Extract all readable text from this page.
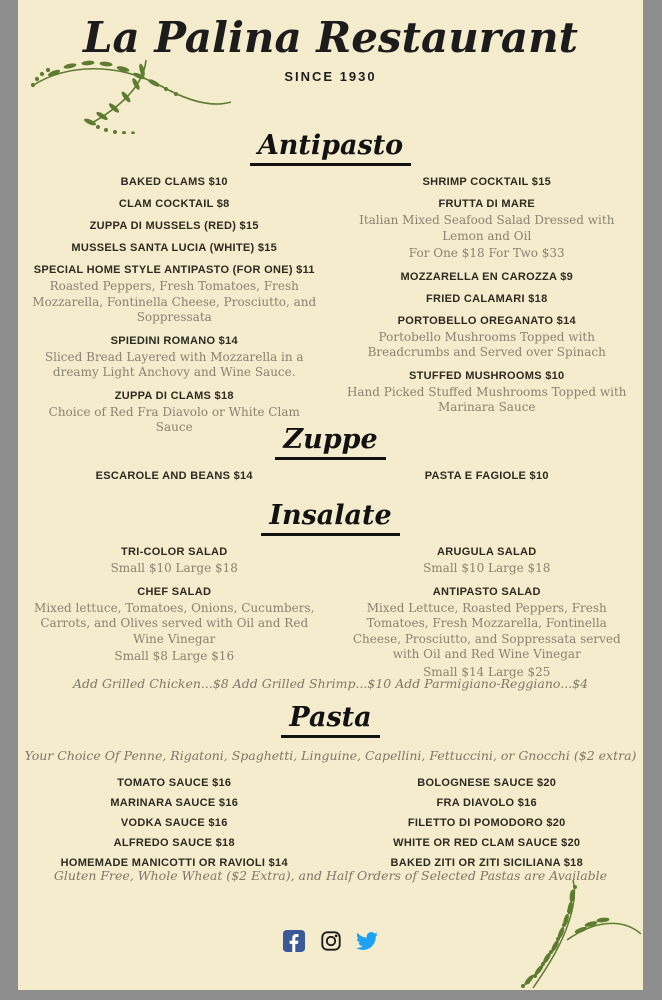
La Palina Restaurant
SINCE 1930
Antipasto
BAKED CLAMS $10
CLAM COCKTAIL $8
ZUPPA DI MUSSELS (RED) $15
MUSSELS SANTA LUCIA (WHITE) $15
SPECIAL HOME STYLE ANTIPASTO (FOR ONE) $11
Roasted Peppers, Fresh Tomatoes, Fresh Mozzarella, Fontinella Cheese, Prosciutto, and Soppressata
SPIEDINI ROMANO $14
Sliced Bread Layered with Mozzarella in a dreamy Light Anchovy and Wine Sauce.
ZUPPA DI CLAMS $18
Choice of Red Fra Diavolo or White Clam Sauce
SHRIMP COCKTAIL $15
FRUTTA DI MARE
Italian Mixed Seafood Salad Dressed with Lemon and Oil
For One $18 For Two $33
MOZZARELLA EN CAROZZA $9
FRIED CALAMARI $18
PORTOBELLO OREGANATO $14
Portobello Mushrooms Topped with Breadcrumbs and Served over Spinach
STUFFED MUSHROOMS $10
Hand Picked Stuffed Mushrooms Topped with Marinara Sauce
Zuppe
ESCAROLE AND BEANS $14	PASTA E FAGIOLE $10
Insalate
TRI-COLOR SALAD
Small $10 Large $18
CHEF SALAD
Mixed lettuce, Tomatoes, Onions, Cucumbers, Carrots, and Olives served with Oil and Red Wine Vinegar
Small $8 Large $16
ARUGULA SALAD
Small $10 Large $18
ANTIPASTO SALAD
Mixed Lettuce, Roasted Peppers, Fresh Tomatoes, Fresh Mozzarella, Fontinella Cheese, Prosciutto, and Soppressata served with Oil and Red Wine Vinegar
Small $14 Large $25
Add Grilled Chicken...$8 Add Grilled Shrimp...$10 Add Parmigiano-Reggiano...$4
Pasta
Your Choice Of Penne, Rigatoni, Spaghetti, Linguine, Capellini, Fettuccini, or Gnocchi ($2 extra)
TOMATO SAUCE $16
MARINARA SAUCE $16
VODKA SAUCE $16
ALFREDO SAUCE $18
HOMEMADE MANICOTTI OR RAVIOLI $14
BOLOGNESE SAUCE $20
FRA DIAVOLO $16
FILETTO DI POMODORO $20
WHITE OR RED CLAM SAUCE $20
BAKED ZITI OR ZITI SICILIANA $18
Gluten Free, Whole Wheat ($2 Extra), and Half Orders of Selected Pastas are Available
